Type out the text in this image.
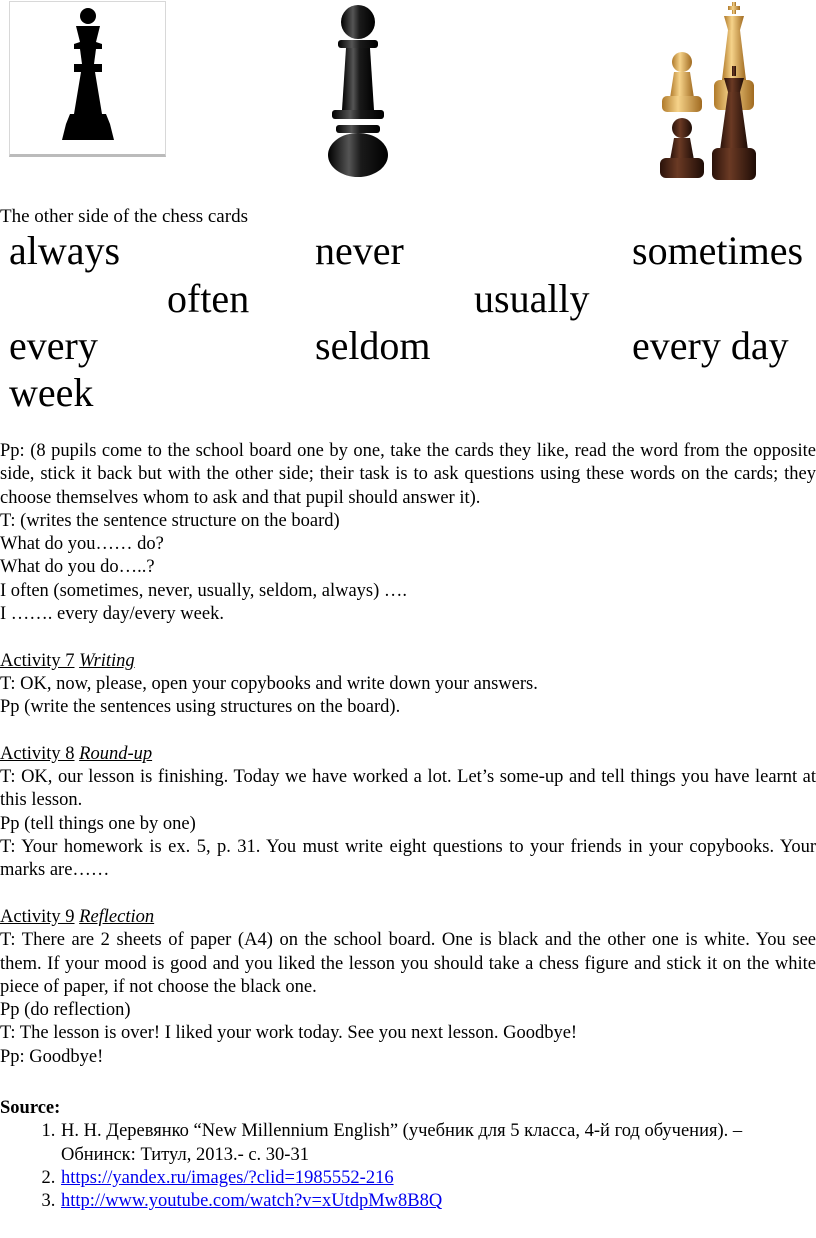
The other side of the chess cards
always	never	sometimes
often	usually
every	seldom	every day
week

Pp: (8 pupils come to the school board one by one, take the cards they like, read the word from the opposite side, stick it back but with the other side; their task is to ask questions using these words on the cards; they choose themselves whom to ask and that pupil should answer it).

T: (writes the sentence structure on the board)

What do you…… do?

What do you do…..?

I often (sometimes, never, usually, seldom, always) ….

I ……. every day/every week.

Activity 7 Writing

T: OK, now, please, open your copybooks and write down your answers.

Pp (write the sentences using structures on the board).

Activity 8 Round-up

T: OK, our lesson is finishing. Today we have worked a lot. Let’s some-up and tell things you have learnt at this lesson.

Pp (tell things one by one)

T: Your homework is ex. 5, p. 31. You must write eight questions to your friends in your copybooks. Your marks are……

Activity 9 Reflection

T: There are 2 sheets of paper (A4) on the school board. One is black and the other one is white. You see them. If your mood is good and you liked the lesson you should take a chess figure and stick it on the white piece of paper, if not choose the black one.

Pp (do reflection)

T: The lesson is over! I liked your work today. See you next lesson. Goodbye!

Pp: Goodbye!

Source:
1. Н. Н. Деревянко “New Millennium English” (учебник для 5 класса, 4-й год обучения). – Обнинск: Титул, 2013.- с. 30-31
2. https://yandex.ru/images/?clid=1985552-216
3. http://www.youtube.com/watch?v=xUtdpMw8B8Q
